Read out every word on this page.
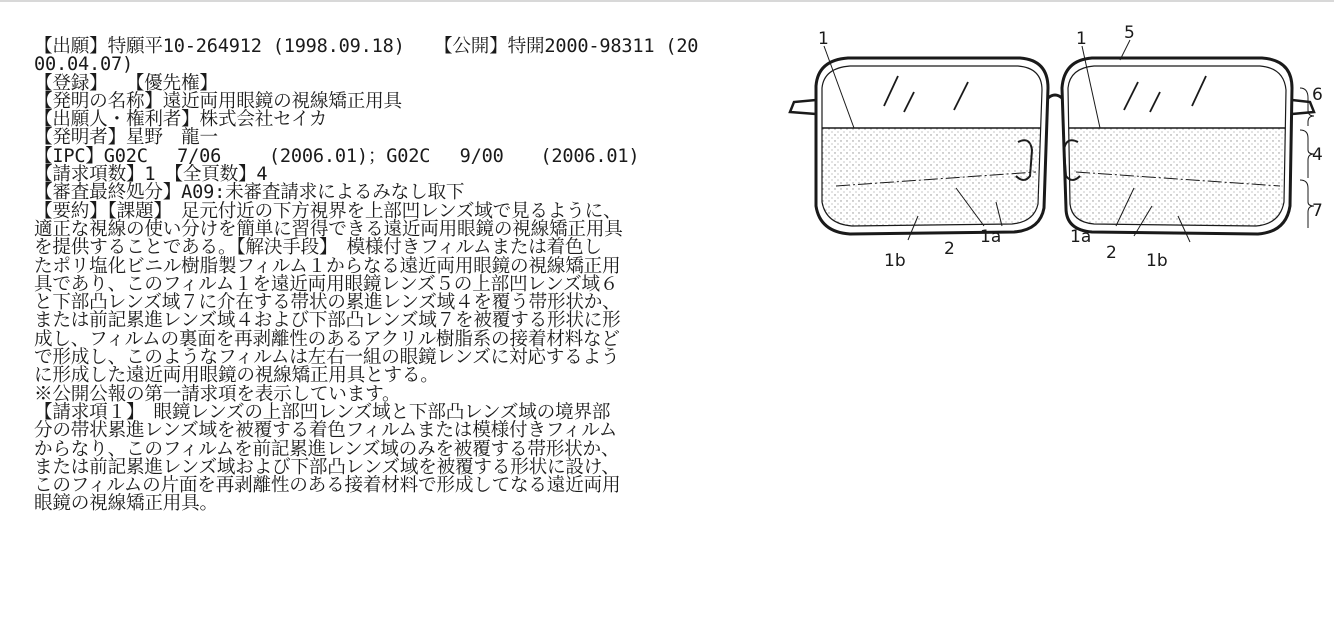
【出願】特願平10-264912 (1998.09.18)　 【公開】特開2000-98311 (20
00.04.07)
【登録】　　【優先権】
【発明の名称】遠近両用眼鏡の視線矯正用具
【出願人・権利者】株式会社セイカ
【発明者】星野　龍一
【IPC】G02C　 7/06　　 (2006.01)；G02C　 9/00　　(2006.01)
【請求項数】1　【全頁数】4
【審査最終処分】A09:未審査請求によるみなし取下
【要約】【課題】　足元付近の下方視界を上部凹レンズ域で見るように、
適正な視線の使い分けを簡単に習得できる遠近両用眼鏡の視線矯正用具
を提供することである。【解決手段】　模様付きフィルムまたは着色し
たポリ塩化ビニル樹脂製フィルム１からなる遠近両用眼鏡の視線矯正用
具であり、このフィルム１を遠近両用眼鏡レンズ５の上部凹レンズ域６
と下部凸レンズ域７に介在する帯状の累進レンズ域４を覆う帯形状か、
または前記累進レンズ域４および下部凸レンズ域７を被覆する形状に形
成し、フィルムの裏面を再剥離性のあるアクリル樹脂系の接着材料など
で形成し、このようなフィルムは左右一組の眼鏡レンズに対応するよう
に形成した遠近両用眼鏡の視線矯正用具とする。
※公開公報の第一請求項を表示しています。
【請求項１】　眼鏡レンズの上部凹レンズ域と下部凸レンズ域の境界部
分の帯状累進レンズ域を被覆する着色フィルムまたは模様付きフィルム
からなり、このフィルムを前記累進レンズ域のみを被覆する帯形状か、
または前記累進レンズ域および下部凸レンズ域を被覆する形状に設け、
このフィルムの片面を再剥離性のある接着材料で形成してなる遠近両用
眼鏡の視線矯正用具。
1	1 5
6
4
7
1a
2
1b
1a
2 1b
